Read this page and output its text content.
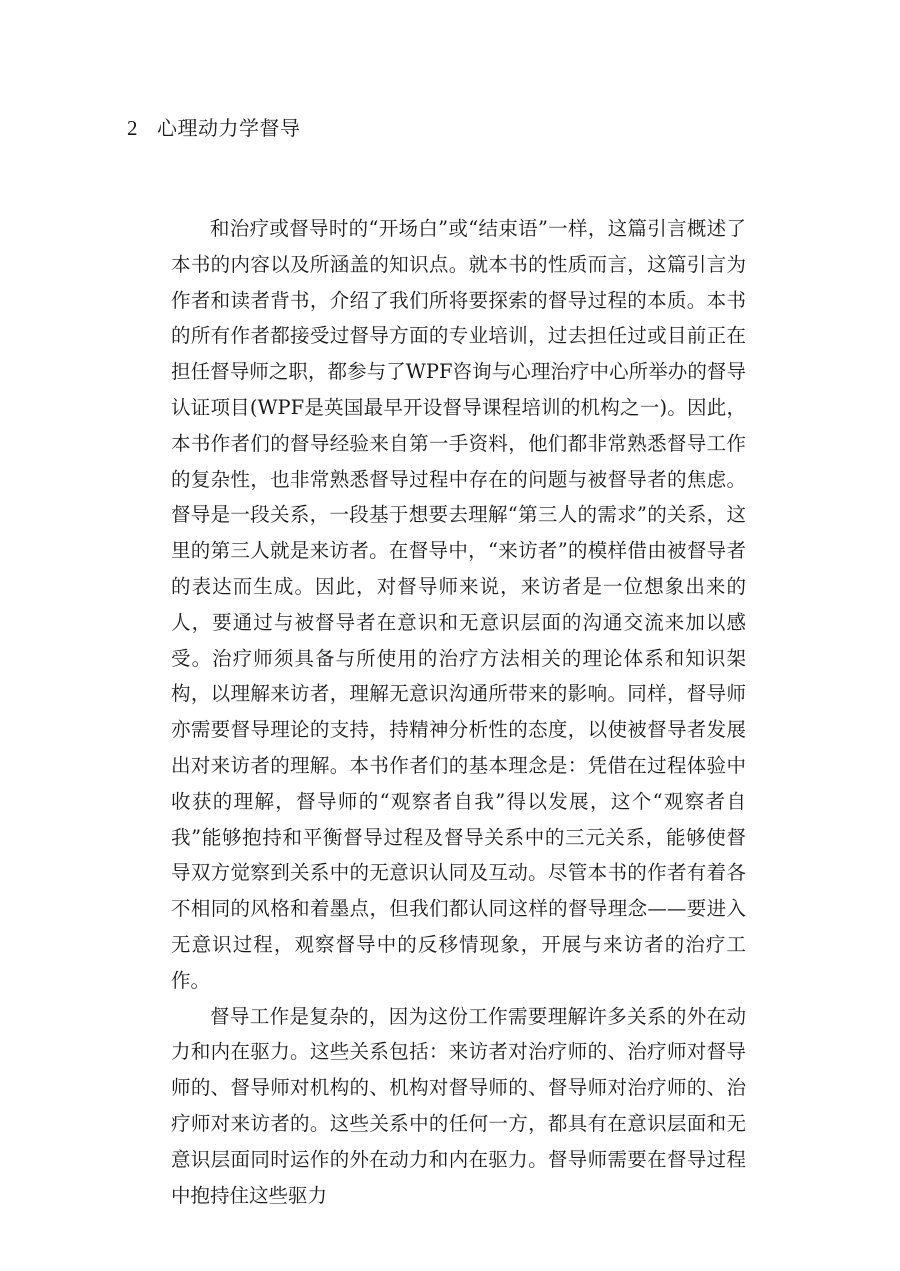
2 心理动力学督导

和治疗或督导时的“开场白”或“结束语”一样，这篇引言概述了本书的内容以及所涵盖的知识点。就本书的性质而言，这篇引言为作者和读者背书，介绍了我们所将要探索的督导过程的本质。本书的所有作者都接受过督导方面的专业培训，过去担任过或目前正在担任督导师之职，都参与了WPF咨询与心理治疗中心所举办的督导认证项目(WPF是英国最早开设督导课程培训的机构之一)。因此，本书作者们的督导经验来自第一手资料，他们都非常熟悉督导工作的复杂性，也非常熟悉督导过程中存在的问题与被督导者的焦虑。督导是一段关系，一段基于想要去理解“第三人的需求”的关系，这里的第三人就是来访者。在督导中，“来访者”的模样借由被督导者的表达而生成。因此，对督导师来说，来访者是一位想象出来的人，要通过与被督导者在意识和无意识层面的沟通交流来加以感受。治疗师须具备与所使用的治疗方法相关的理论体系和知识架构，以理解来访者，理解无意识沟通所带来的影响。同样，督导师亦需要督导理论的支持，持精神分析性的态度，以使被督导者发展出对来访者的理解。本书作者们的基本理念是：凭借在过程体验中收获的理解，督导师的“观察者自我”得以发展，这个“观察者自我”能够抱持和平衡督导过程及督导关系中的三元关系，能够使督导双方觉察到关系中的无意识认同及互动。尽管本书的作者有着各不相同的风格和着墨点，但我们都认同这样的督导理念——要进入无意识过程，观察督导中的反移情现象，开展与来访者的治疗工作。

督导工作是复杂的，因为这份工作需要理解许多关系的外在动力和内在驱力。这些关系包括：来访者对治疗师的、治疗师对督导师的、督导师对机构的、机构对督导师的、督导师对治疗师的、治疗师对来访者的。这些关系中的任何一方，都具有在意识层面和无意识层面同时运作的外在动力和内在驱力。督导师需要在督导过程中抱持住这些驱力
